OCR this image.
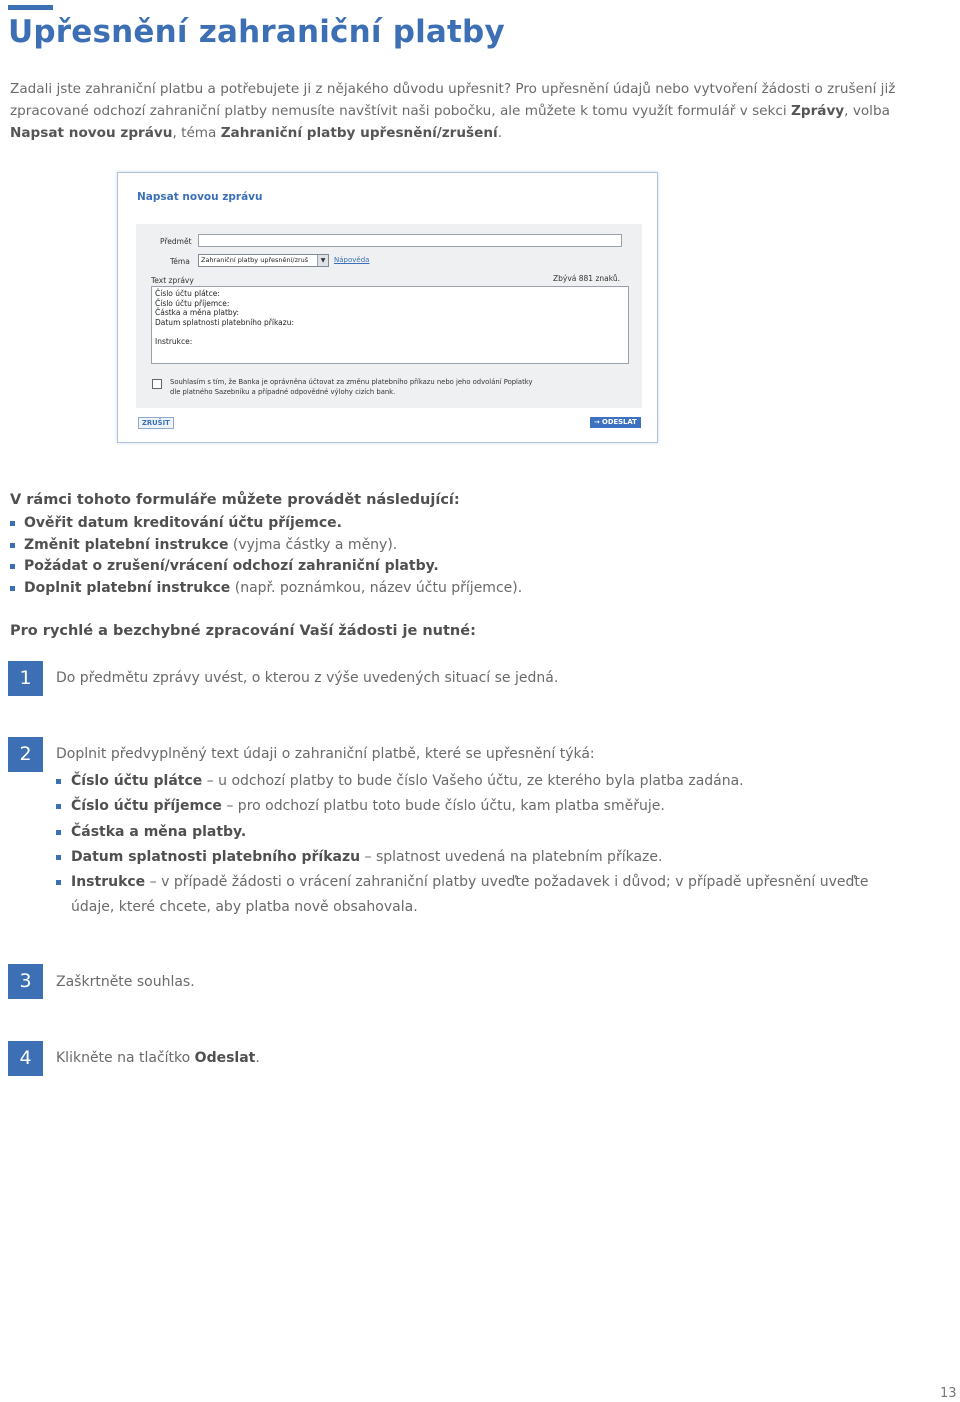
Upřesnění zahraniční platby

Zadali jste zahraniční platbu a potřebujete ji z nějakého důvodu upřesnit? Pro upřesnění údajů nebo vytvoření žádosti o zrušení již zpracované odchozí zahraniční platby nemusíte navštívit naši pobočku, ale můžete k tomu využít formulář v sekci Zprávy, volba Napsat novou zprávu, téma Zahraniční platby upřesnění/zrušení.

Napsat novou zprávu
Předmět
Téma	Zahraniční platby upřesnění/zruš	▼	Nápověda
Text zprávy	Zbývá 881 znaků.
Číslo účtu plátce:
Číslo účtu příjemce:
Částka a měna platby:
Datum splatnosti platebního příkazu:
Instrukce:
Souhlasím s tím, že Banka je oprávněna účtovat za změnu platebního příkazu nebo jeho odvolání Poplatky
dle platného Sazebníku a případné odpovědné výlohy cizích bank.
ZRUŠIT	→ ODESLAT
V rámci tohoto formuláře můžete provádět následující:
Ověřit datum kreditování účtu příjemce.
Změnit platební instrukce (vyjma částky a měny).
Požádat o zrušení/vrácení odchozí zahraniční platby.
Doplnit platební instrukce (např. poznámkou, název účtu příjemce).
Pro rychlé a bezchybné zpracování Vaší žádosti je nutné:
1	Do předmětu zprávy uvést, o kterou z výše uvedených situací se jedná.
2	Doplnit předvyplněný text údaji o zahraniční platbě, které se upřesnění týká:
Číslo účtu plátce – u odchozí platby to bude číslo Vašeho účtu, ze kterého byla platba zadána.
Číslo účtu příjemce – pro odchozí platbu toto bude číslo účtu, kam platba směřuje.
Částka a měna platby.
Datum splatnosti platebního příkazu – splatnost uvedená na platebním příkaze.
Instrukce – v případě žádosti o vrácení zahraniční platby uveďte požadavek i důvod; v případě upřesnění uveďte údaje, které chcete, aby platba nově obsahovala.
3	Zaškrtněte souhlas.
4	Klikněte na tlačítko Odeslat.
13
